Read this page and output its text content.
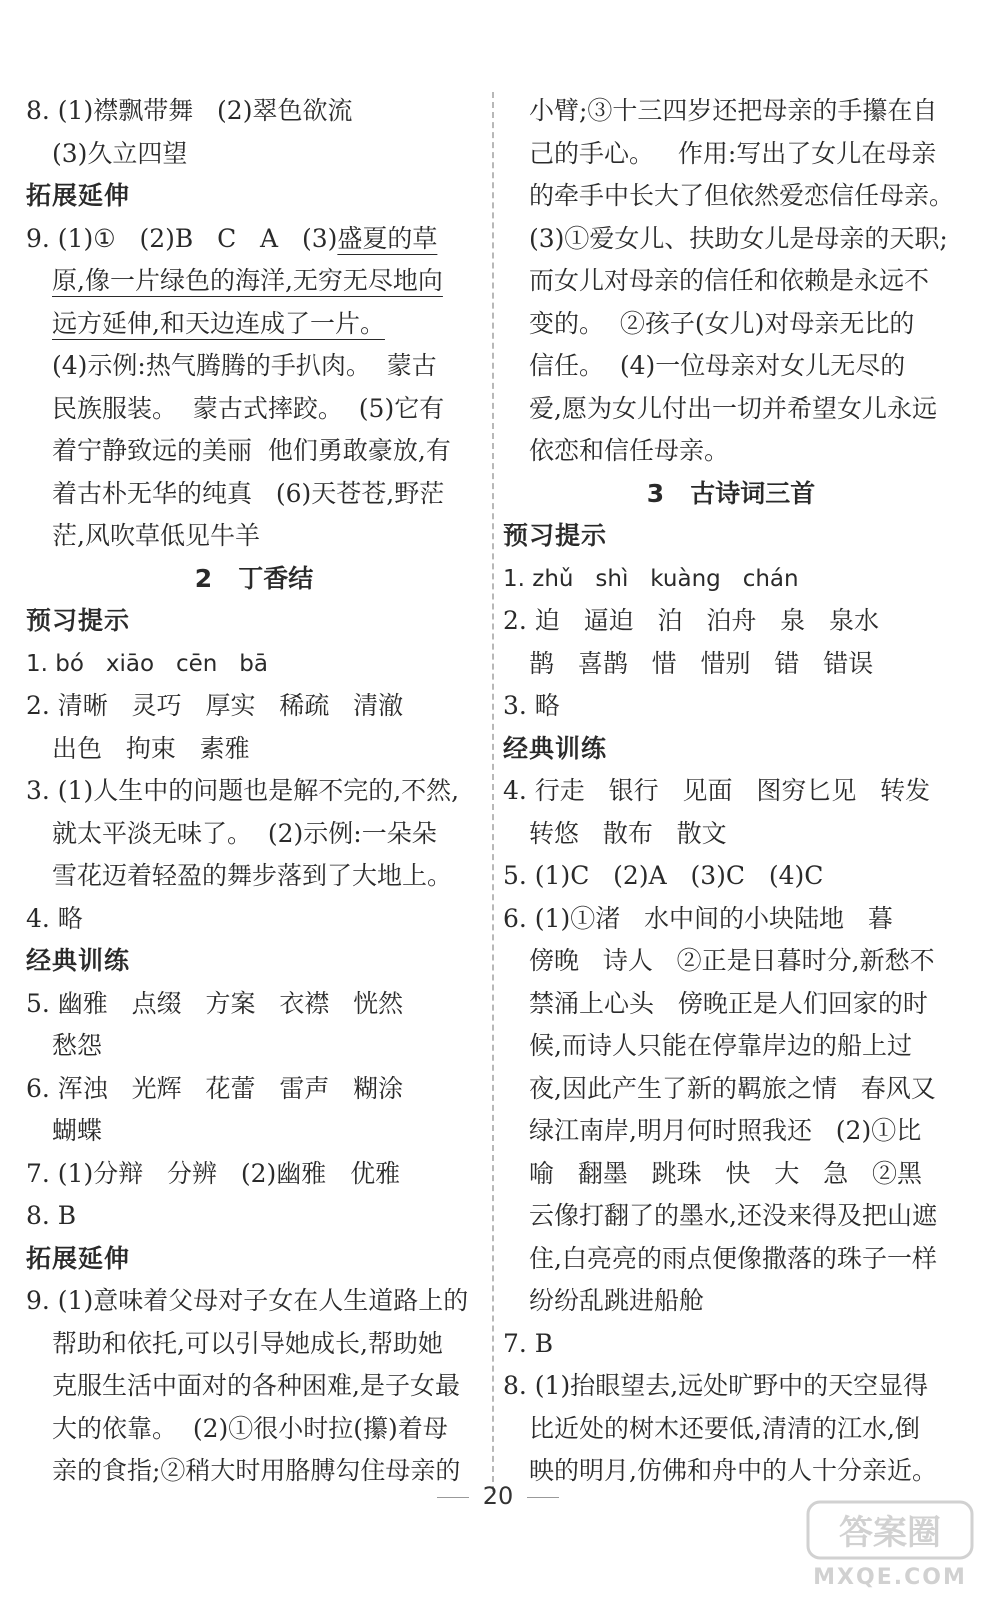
8. (1)襟飘带舞   (2)翠色欲流
(3)久立四望
拓展延伸
9. (1)①   (2)B   C   A   (3)盛夏的草
原,像一片绿色的海洋,无穷无尽地向
远方延伸,和天边连成了一片。
(4)示例:热气腾腾的手扒肉。  蒙古
民族服装。  蒙古式摔跤。  (5)它有
着宁静致远的美丽  他们勇敢豪放,有
着古朴无华的纯真   (6)天苍苍,野茫
茫,风吹草低见牛羊
2   丁香结
预习提示
1. bó   xiāo   cēn   bā
2. 清晰   灵巧   厚实   稀疏   清澈
出色   拘束   素雅
3. (1)人生中的问题也是解不完的,不然,
就太平淡无味了。  (2)示例:一朵朵
雪花迈着轻盈的舞步落到了大地上。
4. 略
经典训练
5. 幽雅   点缀   方案   衣襟   恍然
愁怨
6. 浑浊   光辉   花蕾   雷声   糊涂
蝴蝶
7. (1)分辩   分辨   (2)幽雅   优雅
8. B
拓展延伸
9. (1)意味着父母对子女在人生道路上的
帮助和依托,可以引导她成长,帮助她
克服生活中面对的各种困难,是子女最
大的依靠。  (2)①很小时拉(攥)着母
亲的食指;②稍大时用胳膊勾住母亲的
小臂;③十三四岁还把母亲的手攥在自
己的手心。   作用:写出了女儿在母亲
的牵手中长大了但依然爱恋信任母亲。
(3)①爱女儿、扶助女儿是母亲的天职;
而女儿对母亲的信任和依赖是永远不
变的。  ②孩子(女儿)对母亲无比的
信任。  (4)一位母亲对女儿无尽的
爱,愿为女儿付出一切并希望女儿永远
依恋和信任母亲。
3   古诗词三首
预习提示
1. zhǔ   shì   kuàng   chán
2. 迫   逼迫   泊   泊舟   泉   泉水
鹊   喜鹊   惜   惜别   错   错误
3. 略
经典训练
4. 行走   银行   见面   图穷匕见   转发
转悠   散布   散文
5. (1)C   (2)A   (3)C   (4)C
6. (1)①渚   水中间的小块陆地   暮
傍晚   诗人   ②正是日暮时分,新愁不
禁涌上心头   傍晚正是人们回家的时
候,而诗人只能在停靠岸边的船上过
夜,因此产生了新的羁旅之情   春风又
绿江南岸,明月何时照我还   (2)①比
喻   翻墨   跳珠   快   大   急   ②黑
云像打翻了的墨水,还没来得及把山遮
住,白亮亮的雨点便像撒落的珠子一样
纷纷乱跳进船舱
7. B
8. (1)抬眼望去,远处旷野中的天空显得
比近处的树木还要低,清清的江水,倒
映的明月,仿佛和舟中的人十分亲近。
20
答案圈
MXQE.COM
